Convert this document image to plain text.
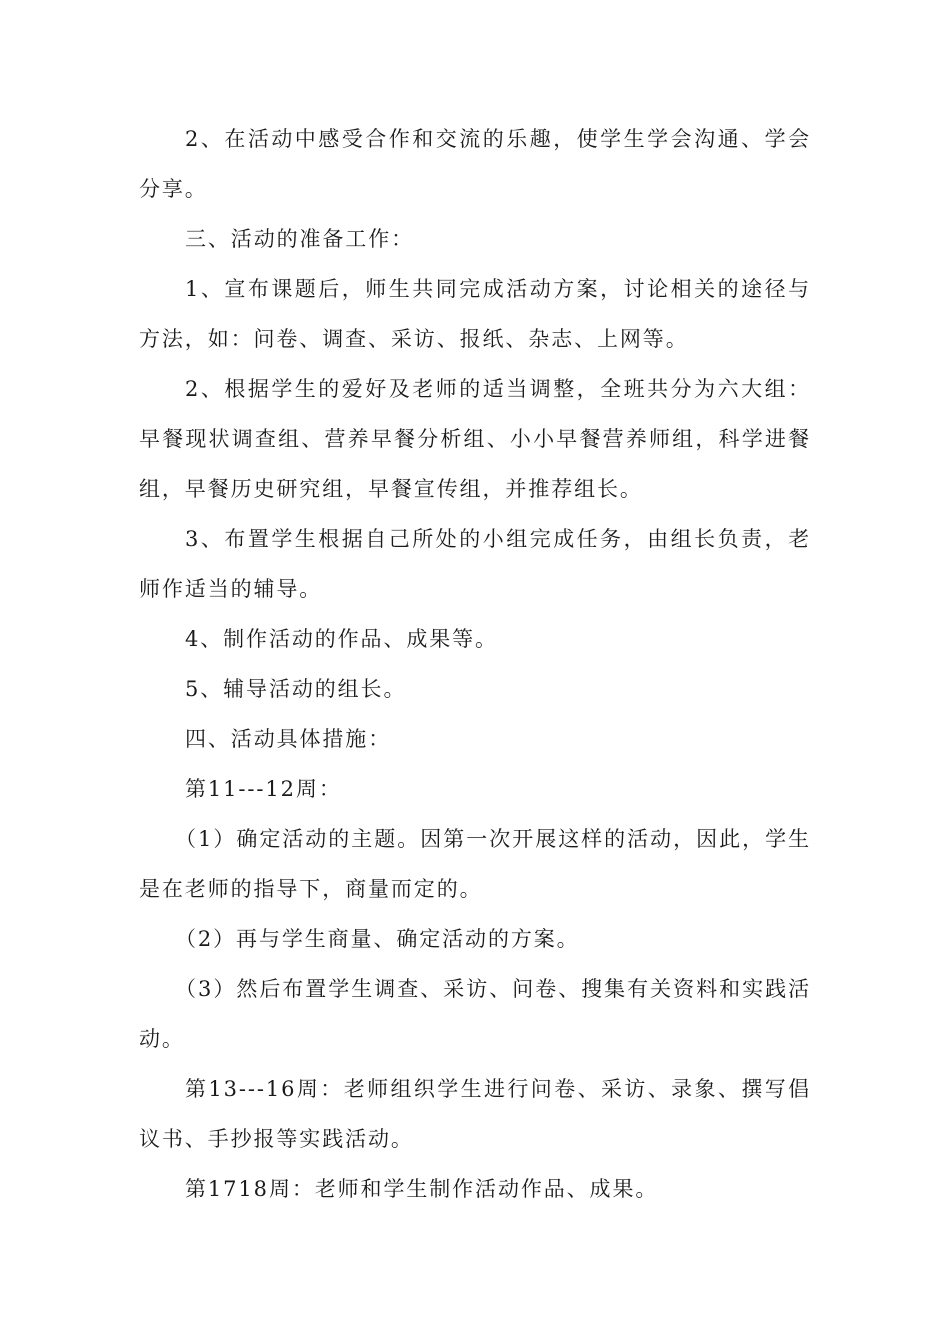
2、在活动中感受合作和交流的乐趣，使学生学会沟通、学会分享。

三、活动的准备工作：

1、宣布课题后，师生共同完成活动方案，讨论相关的途径与方法，如：问卷、调查、采访、报纸、杂志、上网等。

2、根据学生的爱好及老师的适当调整，全班共分为六大组：早餐现状调查组、营养早餐分析组、小小早餐营养师组，科学进餐组，早餐历史研究组，早餐宣传组，并推荐组长。

3、布置学生根据自己所处的小组完成任务，由组长负责，老师作适当的辅导。

4、制作活动的作品、成果等。

5、辅导活动的组长。

四、活动具体措施：

第11---12周：

（1）确定活动的主题。因第一次开展这样的活动，因此，学生是在老师的指导下，商量而定的。

（2）再与学生商量、确定活动的方案。

（3）然后布置学生调查、采访、问卷、搜集有关资料和实践活动。

第13---16周：老师组织学生进行问卷、采访、录象、撰写倡议书、手抄报等实践活动。

第1718周：老师和学生制作活动作品、成果。
